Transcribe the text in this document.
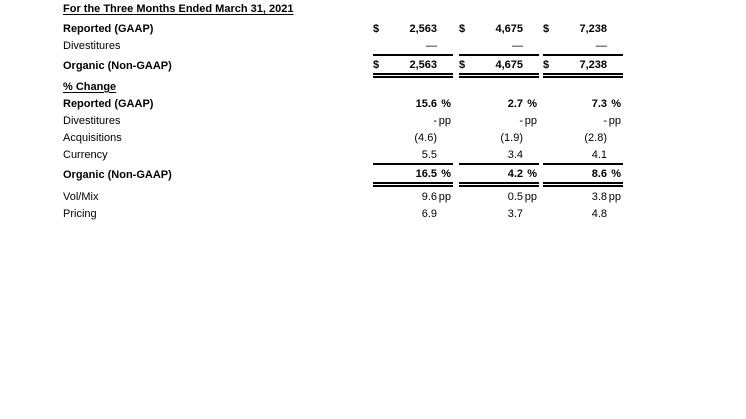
For the Three Months Ended March 31, 2021
Reported (GAAP)	$	2,563 $	4,675 $	7,238
Divestitures	—	—	—
Organic (Non-GAAP)	$	2,563 $	4,675 $	7,238
% Change
Reported (GAAP)	15.6 %	2.7 %	7.3 %
Divestitures	- pp	- pp	- pp
Acquisitions	(4.6)	(1.9)	(2.8)
Currency	5.5	3.4	4.1
Organic (Non-GAAP)	16.5 %	4.2 %	8.6 %
Vol/Mix	9.6 pp	0.5 pp	3.8 pp
Pricing	6.9	3.7	4.8
